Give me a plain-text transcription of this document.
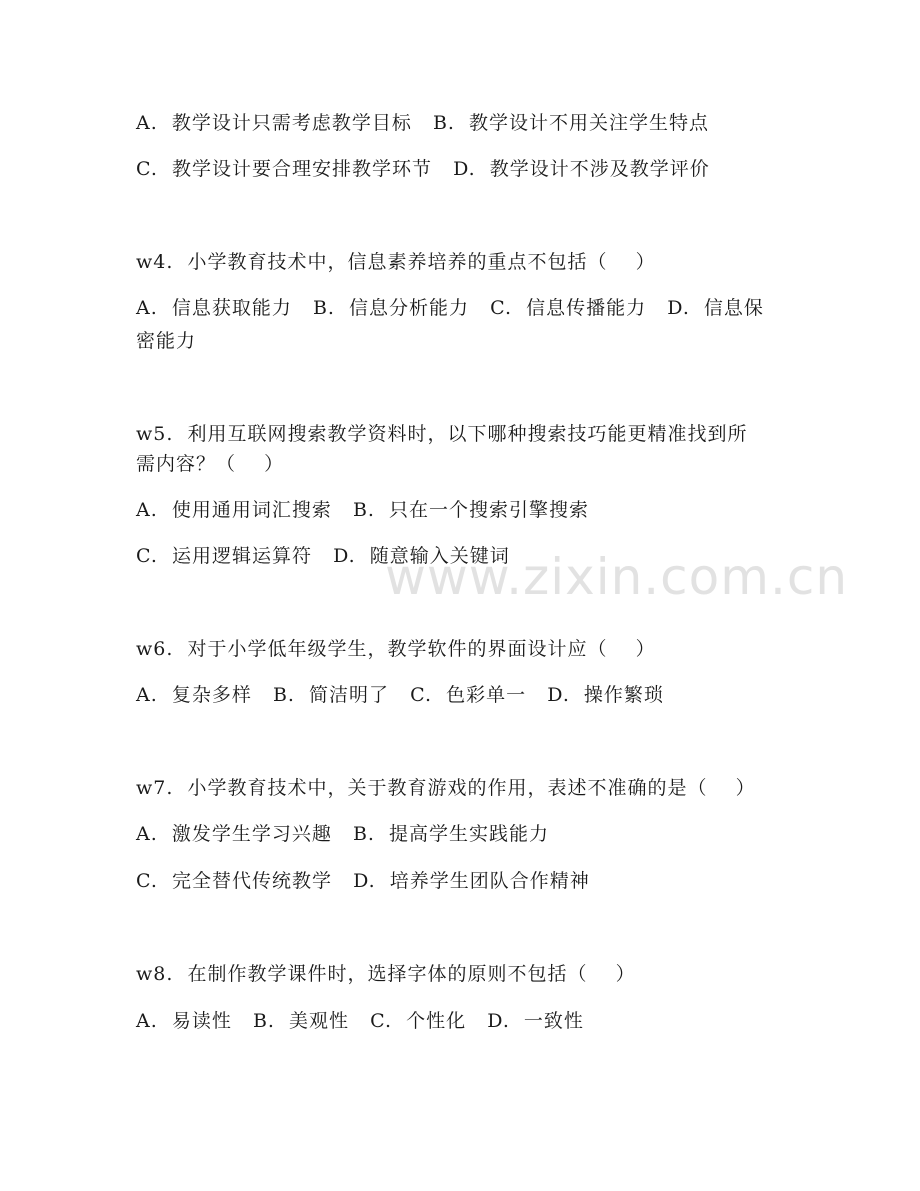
www.zixin.com.cn
A.  教学设计只需考虑教学目标   B.  教学设计不用关注学生特点
C.  教学设计要合理安排教学环节   D.  教学设计不涉及教学评价
w4.  小学教育技术中，信息素养培养的重点不包括（    ）
A.  信息获取能力   B.  信息分析能力   C.  信息传播能力   D.  信息保
密能力
w5.  利用互联网搜索教学资料时，以下哪种搜索技巧能更精准找到所
需内容？（    ）
A.  使用通用词汇搜索   B.  只在一个搜索引擎搜索
C.  运用逻辑运算符   D.  随意输入关键词
w6.  对于小学低年级学生，教学软件的界面设计应（    ）
A.  复杂多样   B.  简洁明了   C.  色彩单一   D.  操作繁琐
w7.  小学教育技术中，关于教育游戏的作用，表述不准确的是（    ）
A.  激发学生学习兴趣   B.  提高学生实践能力
C.  完全替代传统教学   D.  培养学生团队合作精神
w8.  在制作教学课件时，选择字体的原则不包括（    ）
A.  易读性   B.  美观性   C.  个性化   D.  一致性
